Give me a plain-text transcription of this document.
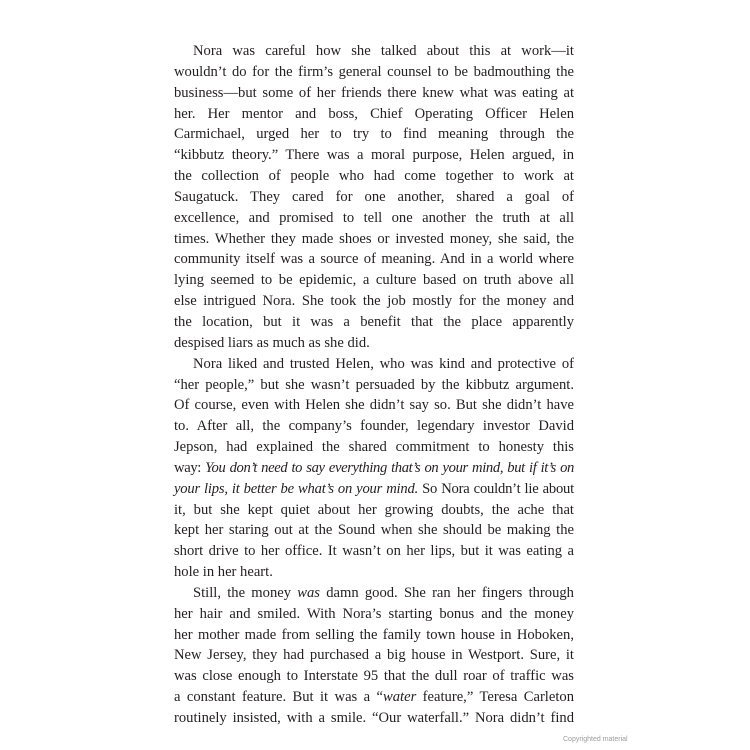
Nora was careful how she talked about this at work—it
wouldn’t do for the firm’s general counsel to be badmouthing the
business—but some of her friends there knew what was eating at
her. Her mentor and boss, Chief Operating Officer Helen
Carmichael, urged her to try to find meaning through the
“kibbutz theory.” There was a moral purpose, Helen argued, in
the collection of people who had come together to work at
Saugatuck. They cared for one another, shared a goal of
excellence, and promised to tell one another the truth at all
times. Whether they made shoes or invested money, she said, the
community itself was a source of meaning. And in a world where
lying seemed to be epidemic, a culture based on truth above all
else intrigued Nora. She took the job mostly for the money and
the location, but it was a benefit that the place apparently
despised liars as much as she did.
Nora liked and trusted Helen, who was kind and protective of
“her people,” but she wasn’t persuaded by the kibbutz argument.
Of course, even with Helen she didn’t say so. But she didn’t have
to. After all, the company’s founder, legendary investor David
Jepson, had explained the shared commitment to honesty this
way: You don’t need to say everything that’s on your mind, but if it’s on
your lips, it better be what’s on your mind. So Nora couldn’t lie about
it, but she kept quiet about her growing doubts, the ache that
kept her staring out at the Sound when she should be making the
short drive to her office. It wasn’t on her lips, but it was eating a
hole in her heart.
Still, the money was damn good. She ran her fingers through
her hair and smiled. With Nora’s starting bonus and the money
her mother made from selling the family town house in Hoboken,
New Jersey, they had purchased a big house in Westport. Sure, it
was close enough to Interstate 95 that the dull roar of traffic was
a constant feature. But it was a “water feature,” Teresa Carleton
routinely insisted, with a smile. “Our waterfall.” Nora didn’t find
Copyrighted material
